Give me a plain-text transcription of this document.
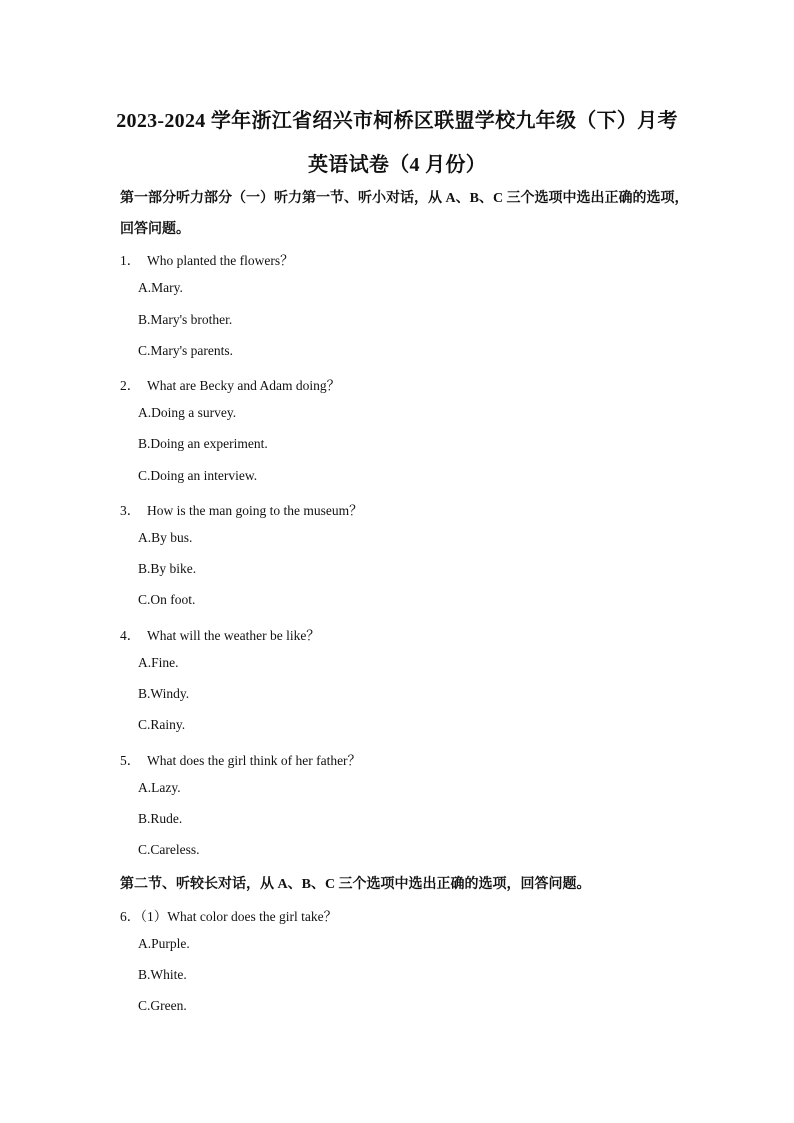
2023-2024 学年浙江省绍兴市柯桥区联盟学校九年级（下）月考
英语试卷（4 月份）
第一部分听力部分（一）听力第一节、听小对话，从 A、B、C 三个选项中选出正确的选项，
回答问题。
1． Who planted the flowers？
A.Mary.
B.Mary's brother.
C.Mary's parents.
2． What are Becky and Adam doing？
A.Doing a survey.
B.Doing an experiment.
C.Doing an interview.
3． How is the man going to the museum？
A.By bus.
B.By bike.
C.On foot.
4． What will the weather be like？
A.Fine.
B.Windy.
C.Rainy.
5． What does the girl think of her father？
A.Lazy.
B.Rude.
C.Careless.
第二节、听较长对话，从 A、B、C 三个选项中选出正确的选项，回答问题。
6．（1）What color does the girl take？
A.Purple.
B.White.
C.Green.
